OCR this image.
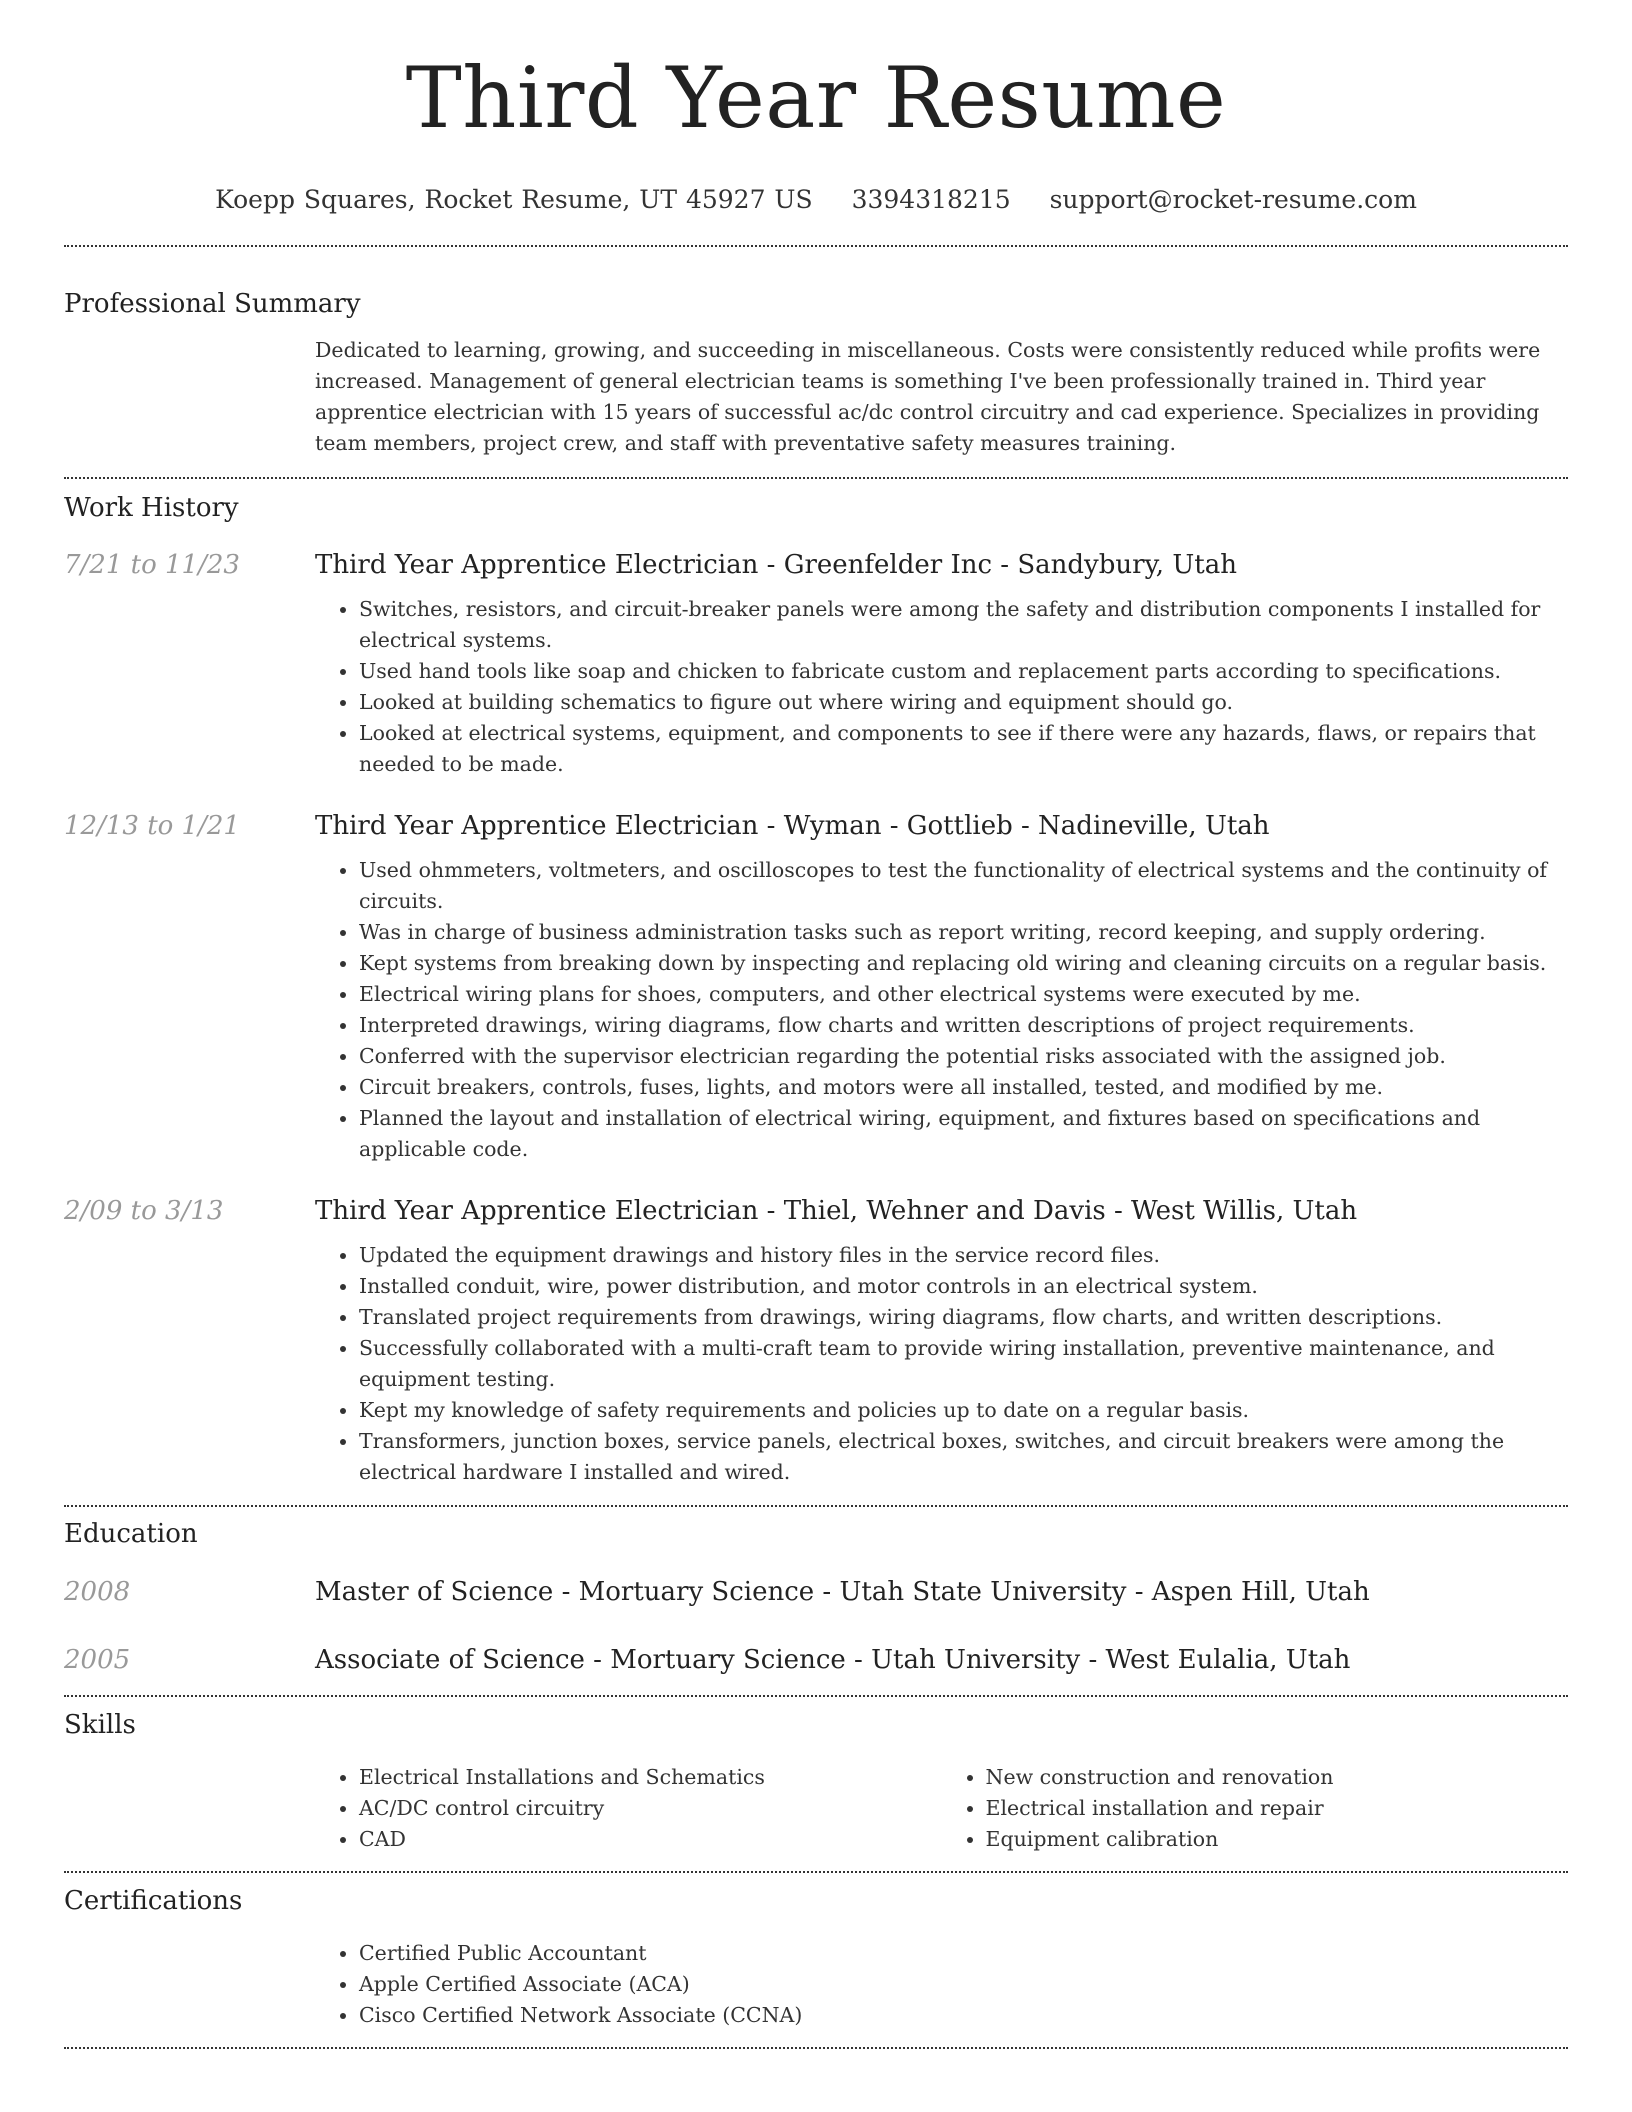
Third Year Resume
Koepp Squares, Rocket Resume, UT 45927 US 3394318215 support@rocket-resume.com
Professional Summary
Dedicated to learning, growing, and succeeding in miscellaneous. Costs were consistently reduced while profits were increased. Management of general electrician teams is something I've been professionally trained in. Third year apprentice electrician with 15 years of successful ac/dc control circuitry and cad experience. Specializes in providing team members, project crew, and staff with preventative safety measures training.
Work History
7/21 to 11/23	Third Year Apprentice Electrician - Greenfelder Inc - Sandybury, Utah
• Switches, resistors, and circuit-breaker panels were among the safety and distribution components I installed for electrical systems.
• Used hand tools like soap and chicken to fabricate custom and replacement parts according to specifications.
• Looked at building schematics to figure out where wiring and equipment should go.
• Looked at electrical systems, equipment, and components to see if there were any hazards, flaws, or repairs that needed to be made.
12/13 to 1/21	Third Year Apprentice Electrician - Wyman - Gottlieb - Nadineville, Utah
• Used ohmmeters, voltmeters, and oscilloscopes to test the functionality of electrical systems and the continuity of circuits.
• Was in charge of business administration tasks such as report writing, record keeping, and supply ordering.
• Kept systems from breaking down by inspecting and replacing old wiring and cleaning circuits on a regular basis.
• Electrical wiring plans for shoes, computers, and other electrical systems were executed by me.
• Interpreted drawings, wiring diagrams, flow charts and written descriptions of project requirements.
• Conferred with the supervisor electrician regarding the potential risks associated with the assigned job.
• Circuit breakers, controls, fuses, lights, and motors were all installed, tested, and modified by me.
• Planned the layout and installation of electrical wiring, equipment, and fixtures based on specifications and applicable code.
2/09 to 3/13	Third Year Apprentice Electrician - Thiel, Wehner and Davis - West Willis, Utah
• Updated the equipment drawings and history files in the service record files.
• Installed conduit, wire, power distribution, and motor controls in an electrical system.
• Translated project requirements from drawings, wiring diagrams, flow charts, and written descriptions.
• Successfully collaborated with a multi-craft team to provide wiring installation, preventive maintenance, and equipment testing.
• Kept my knowledge of safety requirements and policies up to date on a regular basis.
• Transformers, junction boxes, service panels, electrical boxes, switches, and circuit breakers were among the electrical hardware I installed and wired.
Education
2008	Master of Science - Mortuary Science - Utah State University - Aspen Hill, Utah
2005	Associate of Science - Mortuary Science - Utah University - West Eulalia, Utah
Skills
• Electrical Installations and Schematics
• AC/DC control circuitry
• CAD
• New construction and renovation
• Electrical installation and repair
• Equipment calibration
Certifications
• Certified Public Accountant
• Apple Certified Associate (ACA)
• Cisco Certified Network Associate (CCNA)
